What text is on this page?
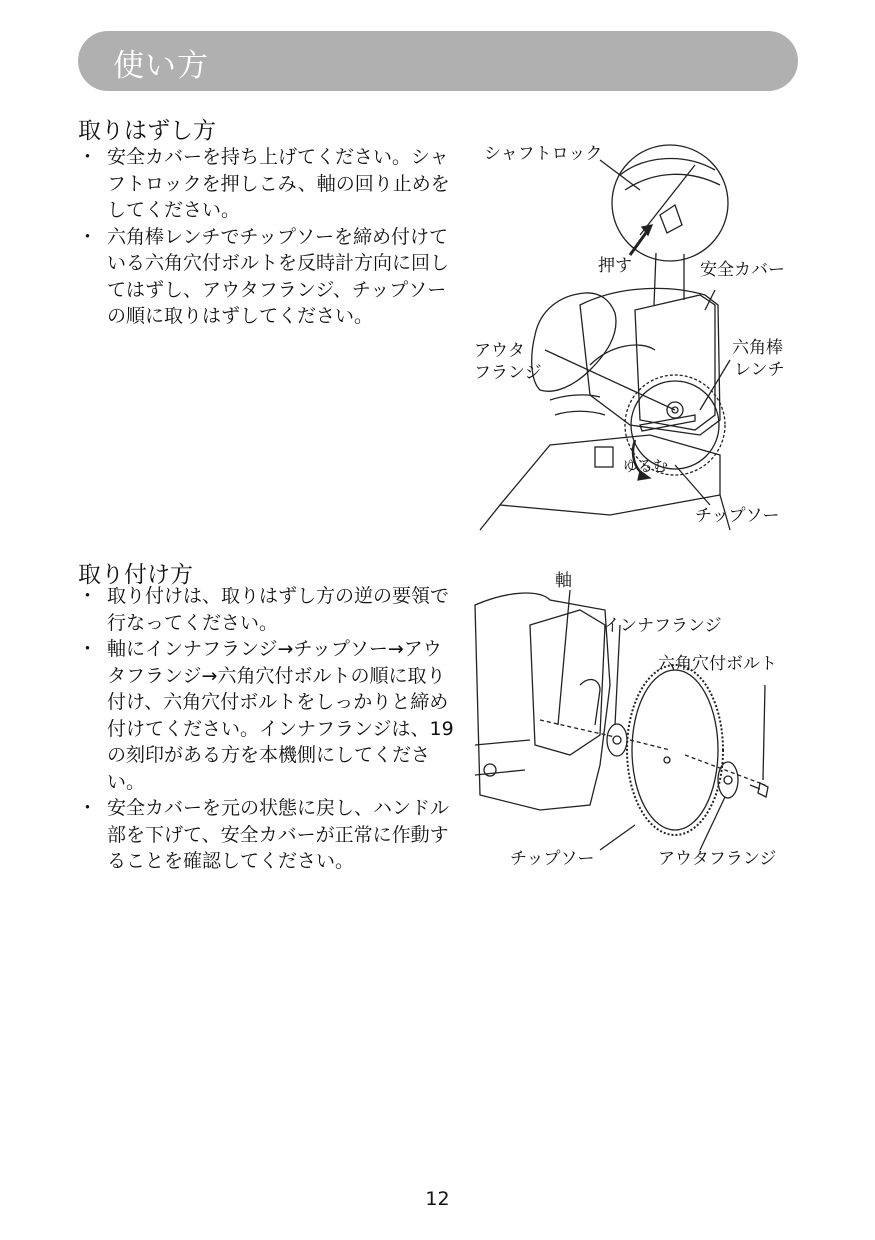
使い方
取りはずし方
・ 安全カバーを持ち上げてください。シャフトロックを押しこみ、軸の回り止めをしてください。
・ 六角棒レンチでチップソーを締め付けている六角穴付ボルトを反時計方向に回してはずし、アウタフランジ、チップソーの順に取りはずしてください。
シャフトロック
押す	安全カバー
アウタ
フランジ
六角棒
レンチ
ゆるむ
チップソー
取り付け方
・ 取り付けは、取りはずし方の逆の要領で行なってください。
・ 軸にインナフランジ→チップソー→アウタフランジ→六角穴付ボルトの順に取り付け、六角穴付ボルトをしっかりと締め付けてください。インナフランジは、19 の刻印がある方を本機側にしてください。
・ 安全カバーを元の状態に戻し、ハンドル部を下げて、安全カバーが正常に作動することを確認してください。
軸
インナフランジ
六角穴付ボルト
チップソー	アウタフランジ
12
